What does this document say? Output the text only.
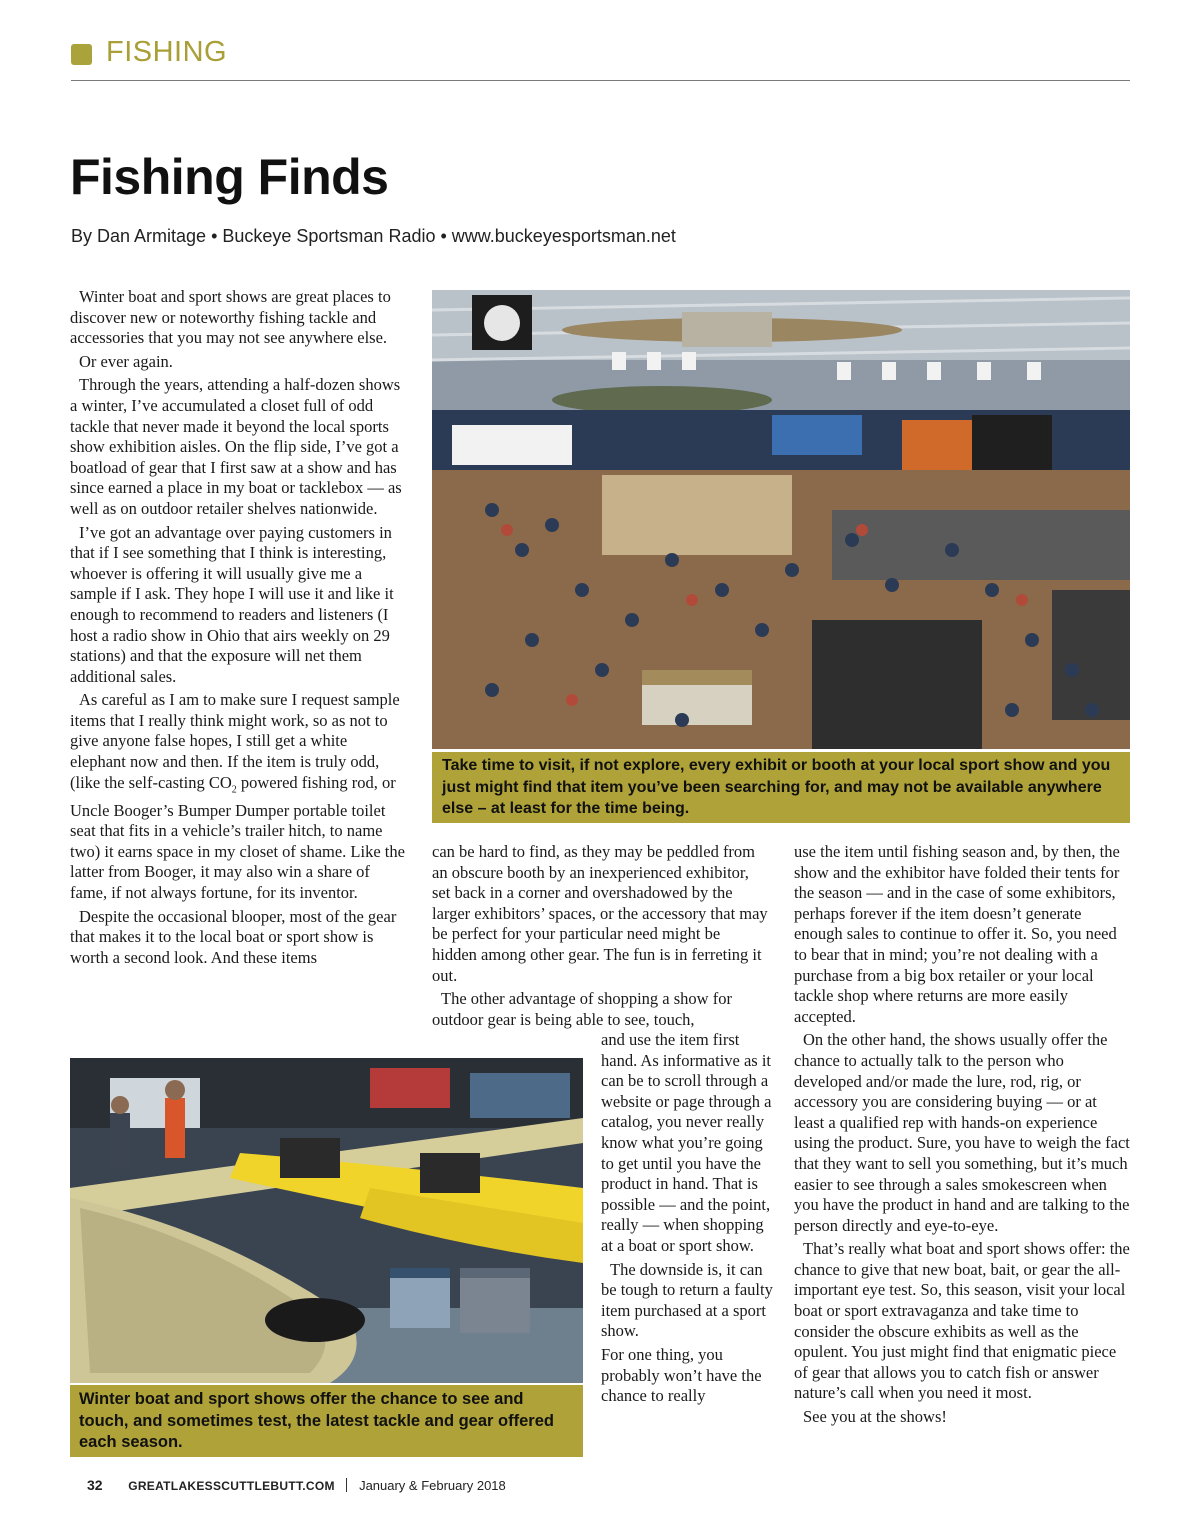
FISHING
Fishing Finds
By Dan Armitage • Buckeye Sportsman Radio • www.buckeyesportsman.net

Winter boat and sport shows are great places to discover new or noteworthy fishing tackle and accessories that you may not see anywhere else.

Or ever again.

Through the years, attending a half-dozen shows a winter, I’ve accumulated a closet full of odd tackle that never made it beyond the local sports show exhibition aisles. On the flip side, I’ve got a boatload of gear that I first saw at a show and has since earned a place in my boat or tacklebox — as well as on outdoor retailer shelves nationwide.

I’ve got an advantage over paying customers in that if I see something that I think is interesting, whoever is offering it will usually give me a sample if I ask. They hope I will use it and like it enough to recommend to readers and listeners (I host a radio show in Ohio that airs weekly on 29 stations) and that the exposure will net them additional sales.

As careful as I am to make sure I request sample items that I really think might work, so as not to give anyone false hopes, I still get a white elephant now and then. If the item is truly odd, (like the self-casting $CO_2$ powered fishing rod, or Uncle Booger’s Bumper Dumper portable toilet seat that fits in a vehicle’s trailer hitch, to name two) it earns space in my closet of shame. Like the latter from Booger, it may also win a share of fame, if not always fortune, for its inventor.

Despite the occasional blooper, most of the gear that makes it to the local boat or sport show is worth a second look. And these items

Take time to visit, if not explore, every exhibit or booth at your local sport show and you just might find that item you’ve been searching for, and may not be available anywhere else – at least for the time being.

can be hard to find, as they may be peddled from an obscure booth by an inexperienced exhibitor, set back in a corner and overshadowed by the larger exhibitors’ spaces, or the accessory that may be perfect for your particular need might be hidden among other gear. The fun is in ferreting it out.

The other advantage of shopping a show for outdoor gear is being able to see, touch,

and use the item first hand. As informative as it can be to scroll through a website or page through a catalog, you never really know what you’re going to get until you have the product in hand. That is possible — and the point, really — when shopping at a boat or sport show.

The downside is, it can be tough to return a faulty item purchased at a sport show.

For one thing, you probably won’t have the chance to really

use the item until fishing season and, by then, the show and the exhibitor have folded their tents for the season — and in the case of some exhibitors, perhaps forever if the item doesn’t generate enough sales to continue to offer it. So, you need to bear that in mind; you’re not dealing with a purchase from a big box retailer or your local tackle shop where returns are more easily accepted.

On the other hand, the shows usually offer the chance to actually talk to the person who developed and/or made the lure, rod, rig, or accessory you are considering buying — or at least a qualified rep with hands-on experience using the product. Sure, you have to weigh the fact that they want to sell you something, but it’s much easier to see through a sales smokescreen when you have the product in hand and are talking to the person directly and eye-to-eye.

That’s really what boat and sport shows offer: the chance to give that new boat, bait, or gear the all-important eye test. So, this season, visit your local boat or sport extravaganza and take time to consider the obscure exhibits as well as the opulent. You just might find that enigmatic piece of gear that allows you to catch fish or answer nature’s call when you need it most.

See you at the shows!

Winter boat and sport shows offer the chance to see and touch, and sometimes test, the latest tackle and gear offered each season.
32 GREATLAKESSCUTTLEBUTT.COM January & February 2018
